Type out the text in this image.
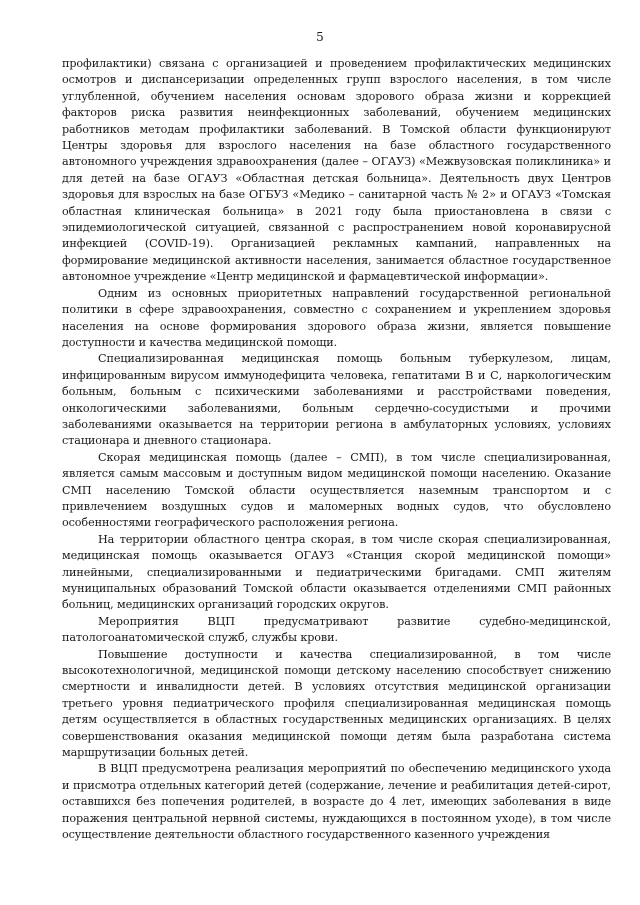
5

профилактики) связана с организацией и проведением профилактических медицинских осмотров и диспансеризации определенных групп взрослого населения, в том числе углубленной, обучением населения основам здорового образа жизни и коррекцией факторов риска развития неинфекционных заболеваний, обучением медицинских работников методам профилактики заболеваний. В Томской области функционируют Центры здоровья для взрослого населения на базе областного государственного автономного учреждения здравоохранения (далее – ОГАУЗ) «Межвузовская поликлиника» и для детей на базе ОГАУЗ «Областная детская больница». Деятельность двух Центров здоровья для взрослых на базе ОГБУЗ «Медико – санитарной часть № 2» и ОГАУЗ «Томская областная клиническая больница» в 2021 году была приостановлена в связи с эпидемиологической ситуацией, связанной с распространением новой коронавирусной инфекцией (COVID-19). Организацией рекламных кампаний, направленных на формирование медицинской активности населения, занимается областное государственное автономное учреждение «Центр медицинской и фармацевтической информации».

Одним из основных приоритетных направлений государственной региональной политики в сфере здравоохранения, совместно с сохранением и укреплением здоровья населения на основе формирования здорового образа жизни, является повышение доступности и качества медицинской помощи.

Специализированная медицинская помощь больным туберкулезом, лицам, инфицированным вирусом иммунодефицита человека, гепатитами В и С, наркологическим больным, больным с психическими заболеваниями и расстройствами поведения, онкологическими заболеваниями, больным сердечно-сосудистыми и прочими заболеваниями оказывается на территории региона в амбулаторных условиях, условиях стационара и дневного стационара.

Скорая медицинская помощь (далее – СМП), в том числе специализированная, является самым массовым и доступным видом медицинской помощи населению. Оказание СМП населению Томской области осуществляется наземным транспортом и с привлечением воздушных судов и маломерных водных судов, что обусловлено особенностями географического расположения региона.

На территории областного центра скорая, в том числе скорая специализированная, медицинская помощь оказывается ОГАУЗ «Станция скорой медицинской помощи» линейными, специализированными и педиатрическими бригадами. СМП жителям муниципальных образований Томской области оказывается отделениями СМП районных больниц, медицинских организаций городских округов.

Мероприятия ВЦП предусматривают развитие судебно-медицинской, патологоанатомической служб, службы крови.

Повышение доступности и качества специализированной, в том числе высокотехнологичной, медицинской помощи детскому населению способствует снижению смертности и инвалидности детей. В условиях отсутствия медицинской организации третьего уровня педиатрического профиля специализированная медицинская помощь детям осуществляется в областных государственных медицинских организациях. В целях совершенствования оказания медицинской помощи детям была разработана система маршрутизации больных детей.

В ВЦП предусмотрена реализация мероприятий по обеспечению медицинского ухода и присмотра отдельных категорий детей (содержание, лечение и реабилитация детей-сирот, оставшихся без попечения родителей, в возрасте до 4 лет, имеющих заболевания в виде поражения центральной нервной системы, нуждающихся в постоянном уходе), в том числе осуществление деятельности областного государственного казенного учреждения
